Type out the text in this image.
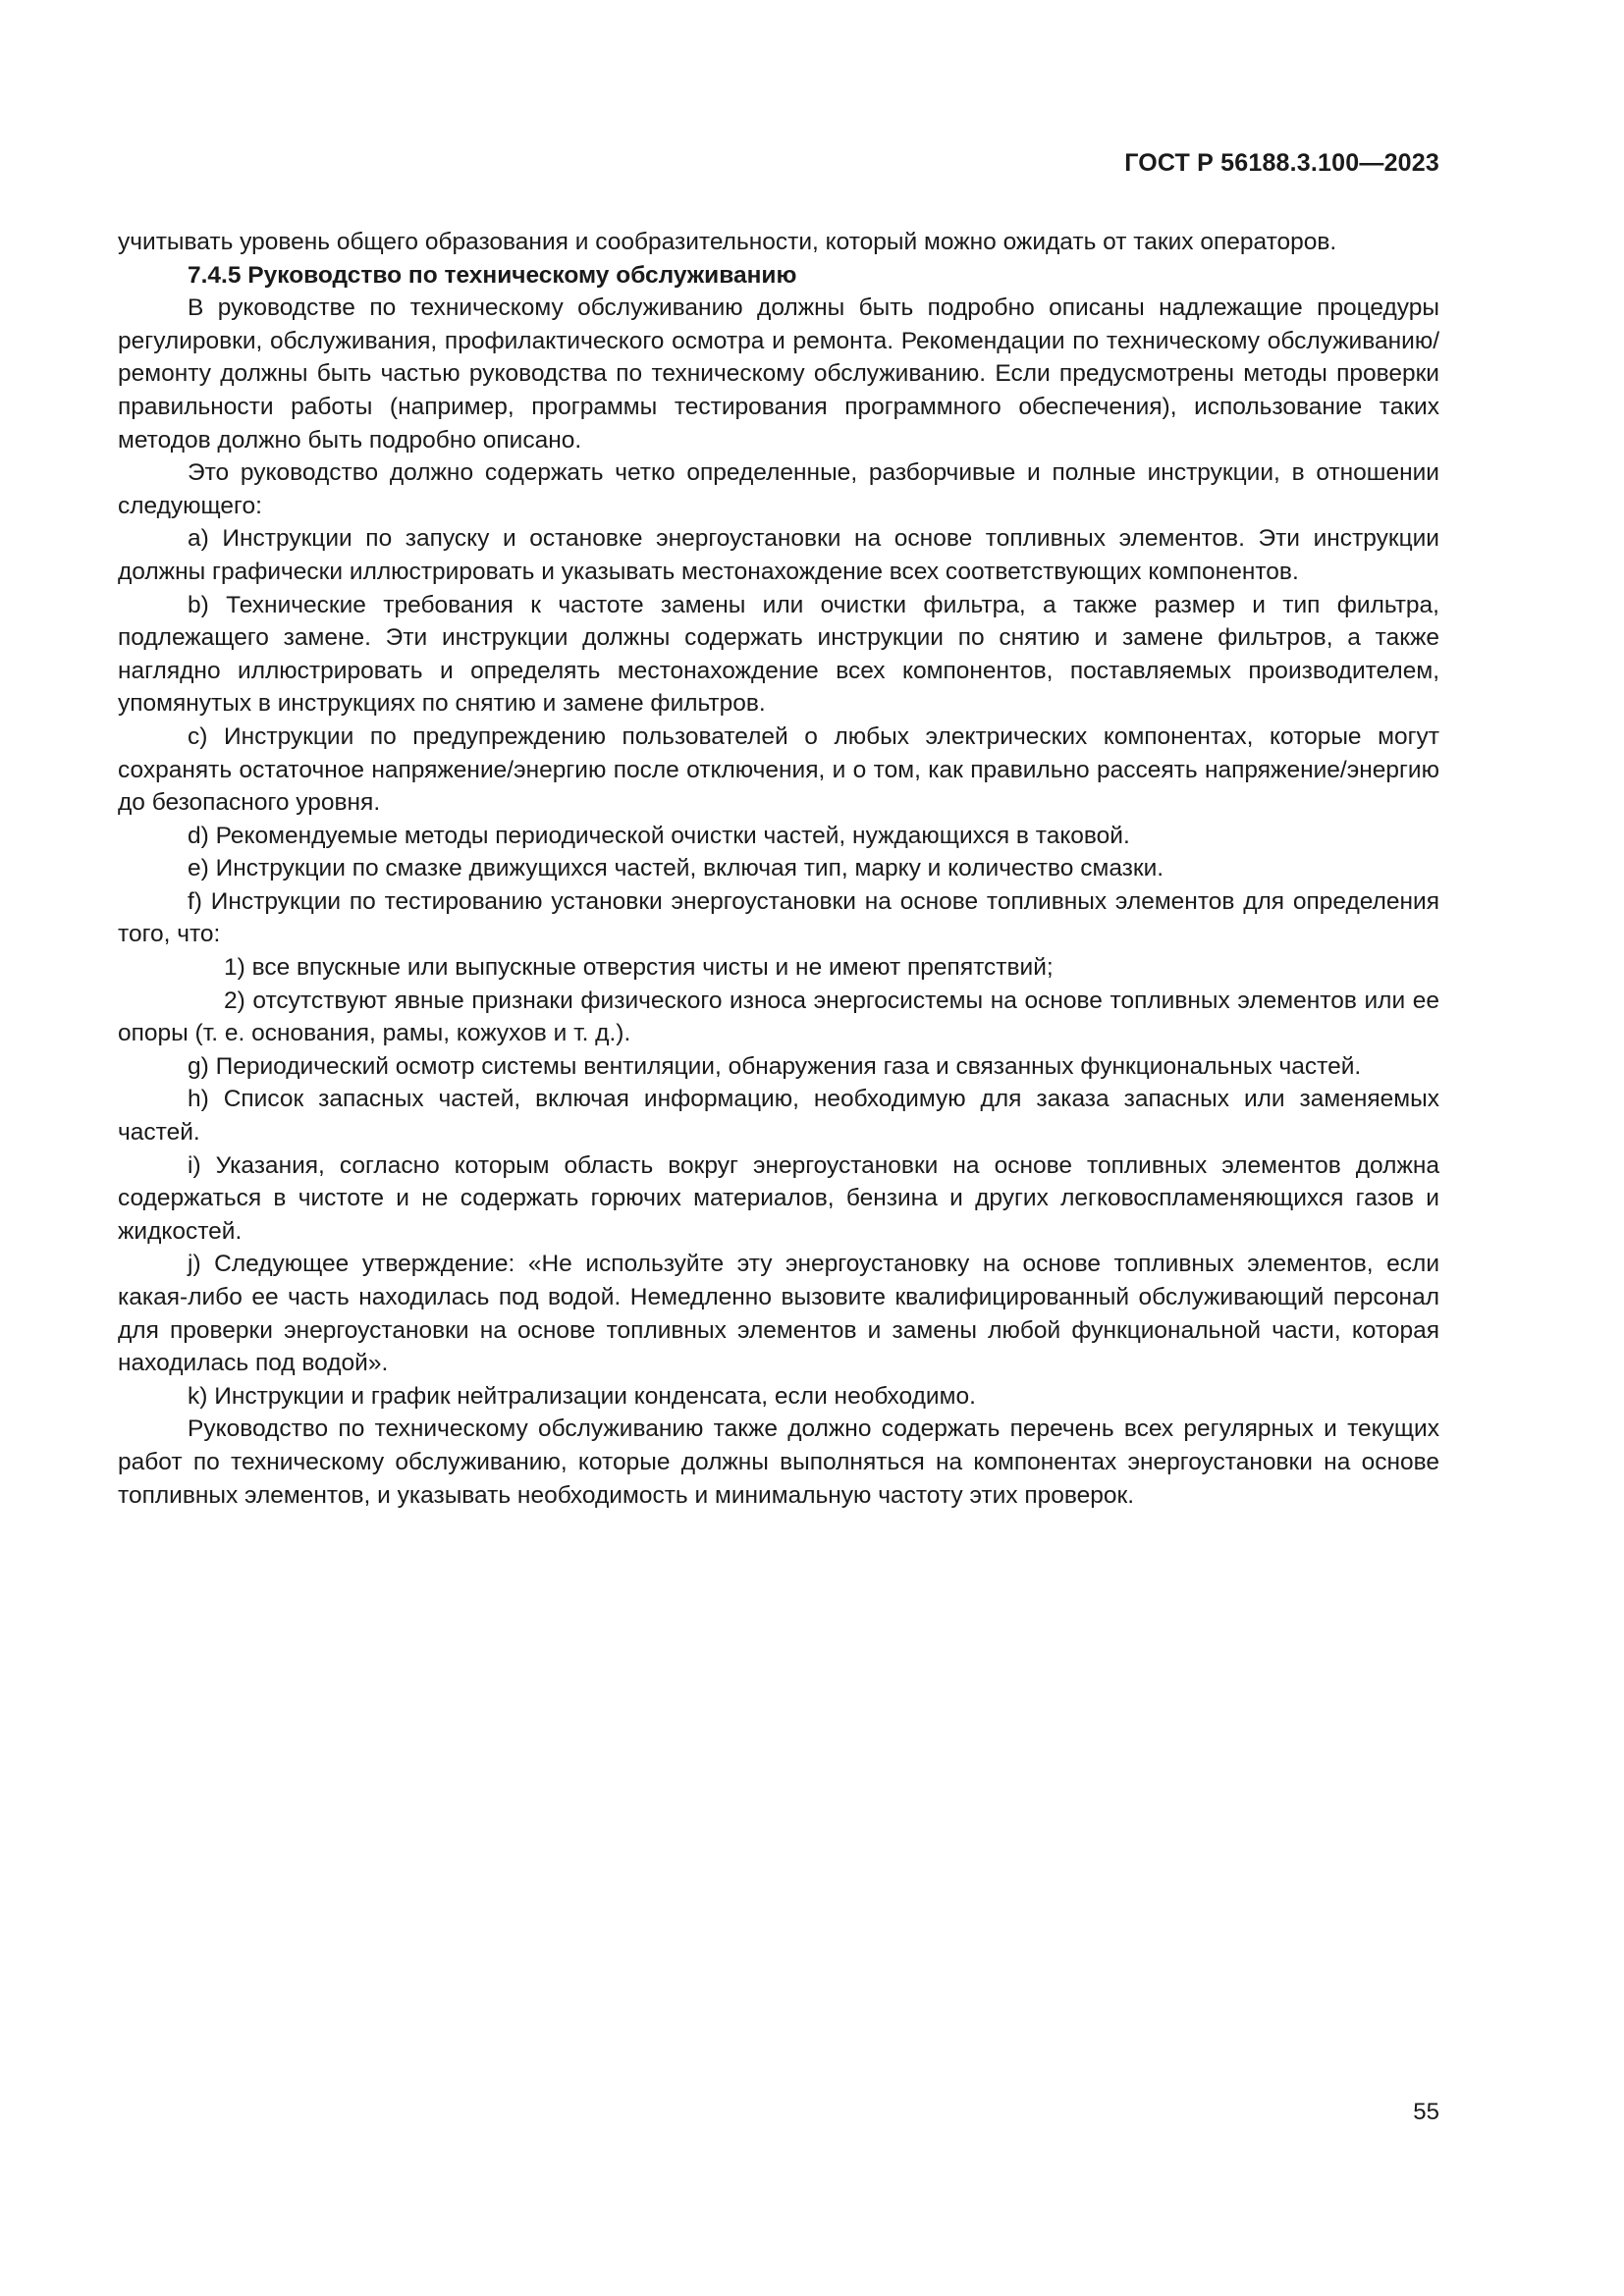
ГОСТ Р 56188.3.100—2023

учитывать уровень общего образования и сообразительности, который можно ожидать от таких операторов.

7.4.5 Руководство по техническому обслуживанию

В руководстве по техническому обслуживанию должны быть подробно описаны надлежащие процедуры регулировки, обслуживания, профилактического осмотра и ремонта. Рекомендации по техническому обслуживанию/ремонту должны быть частью руководства по техническому обслуживанию. Если предусмотрены методы проверки правильности работы (например, программы тестирования программного обеспечения), использование таких методов должно быть подробно описано.

Это руководство должно содержать четко определенные, разборчивые и полные инструкции, в отношении следующего:

a) Инструкции по запуску и остановке энергоустановки на основе топливных элементов. Эти инструкции должны графически иллюстрировать и указывать местонахождение всех соответствующих компонентов.

b) Технические требования к частоте замены или очистки фильтра, а также размер и тип фильтра, подлежащего замене. Эти инструкции должны содержать инструкции по снятию и замене фильтров, а также наглядно иллюстрировать и определять местонахождение всех компонентов, поставляемых производителем, упомянутых в инструкциях по снятию и замене фильтров.

c) Инструкции по предупреждению пользователей о любых электрических компонентах, которые могут сохранять остаточное напряжение/энергию после отключения, и о том, как правильно рассеять напряжение/энергию до безопасного уровня.

d) Рекомендуемые методы периодической очистки частей, нуждающихся в таковой.

e) Инструкции по смазке движущихся частей, включая тип, марку и количество смазки.

f) Инструкции по тестированию установки энергоустановки на основе топливных элементов для определения того, что:

1) все впускные или выпускные отверстия чисты и не имеют препятствий;

2) отсутствуют явные признаки физического износа энергосистемы на основе топливных элементов или ее опоры (т. е. основания, рамы, кожухов и т. д.).

g) Периодический осмотр системы вентиляции, обнаружения газа и связанных функциональных частей.

h) Список запасных частей, включая информацию, необходимую для заказа запасных или заменяемых частей.

i) Указания, согласно которым область вокруг энергоустановки на основе топливных элементов должна содержаться в чистоте и не содержать горючих материалов, бензина и других легковоспламеняющихся газов и жидкостей.

j) Следующее утверждение: «Не используйте эту энергоустановку на основе топливных элементов, если какая-либо ее часть находилась под водой. Немедленно вызовите квалифицированный обслуживающий персонал для проверки энергоустановки на основе топливных элементов и замены любой функциональной части, которая находилась под водой».

k) Инструкции и график нейтрализации конденсата, если необходимо.

Руководство по техническому обслуживанию также должно содержать перечень всех регулярных и текущих работ по техническому обслуживанию, которые должны выполняться на компонентах энергоустановки на основе топливных элементов, и указывать необходимость и минимальную частоту этих проверок.

55
